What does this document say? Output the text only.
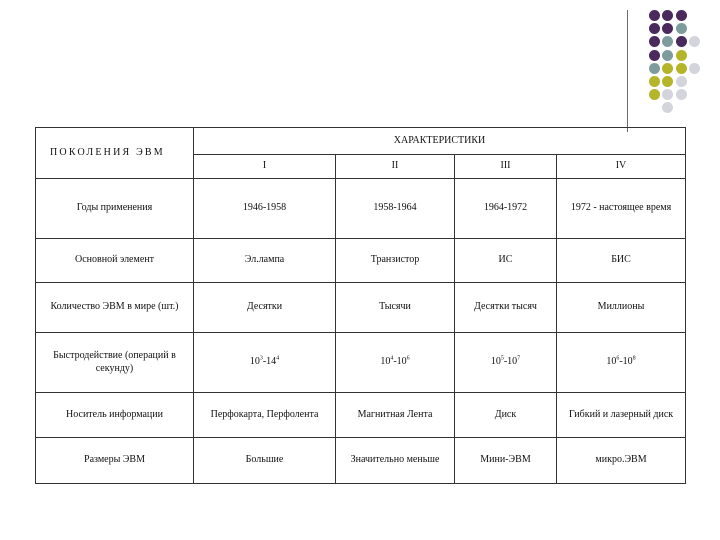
ПОКОЛЕНИЯ ЭВМ	ХАРАКТЕРИСТИКИ			
	I	II	III	IV
Годы применения	1946-1958	1958-1964	1964-1972	1972 - настоящее время
Основной элемент	Эл.лампа	Транзистор	ИС	БИС
Количество ЭВМ в мире (шт.)	Десятки	Тысячи	Десятки тысяч	Миллионы
Быстродействие (операций в секунду)	$10^3-14^4$	$10^4-10^6$	$10^5-10^7$	$10^6-10^8$
Носитель информации	Перфокарта, Перфолента	Магнитная Лента	Диск	Гибкий и лазерный диск
Размеры ЭВМ	Большие	Значительно меньше	Мини-ЭВМ	микро.ЭВМ
